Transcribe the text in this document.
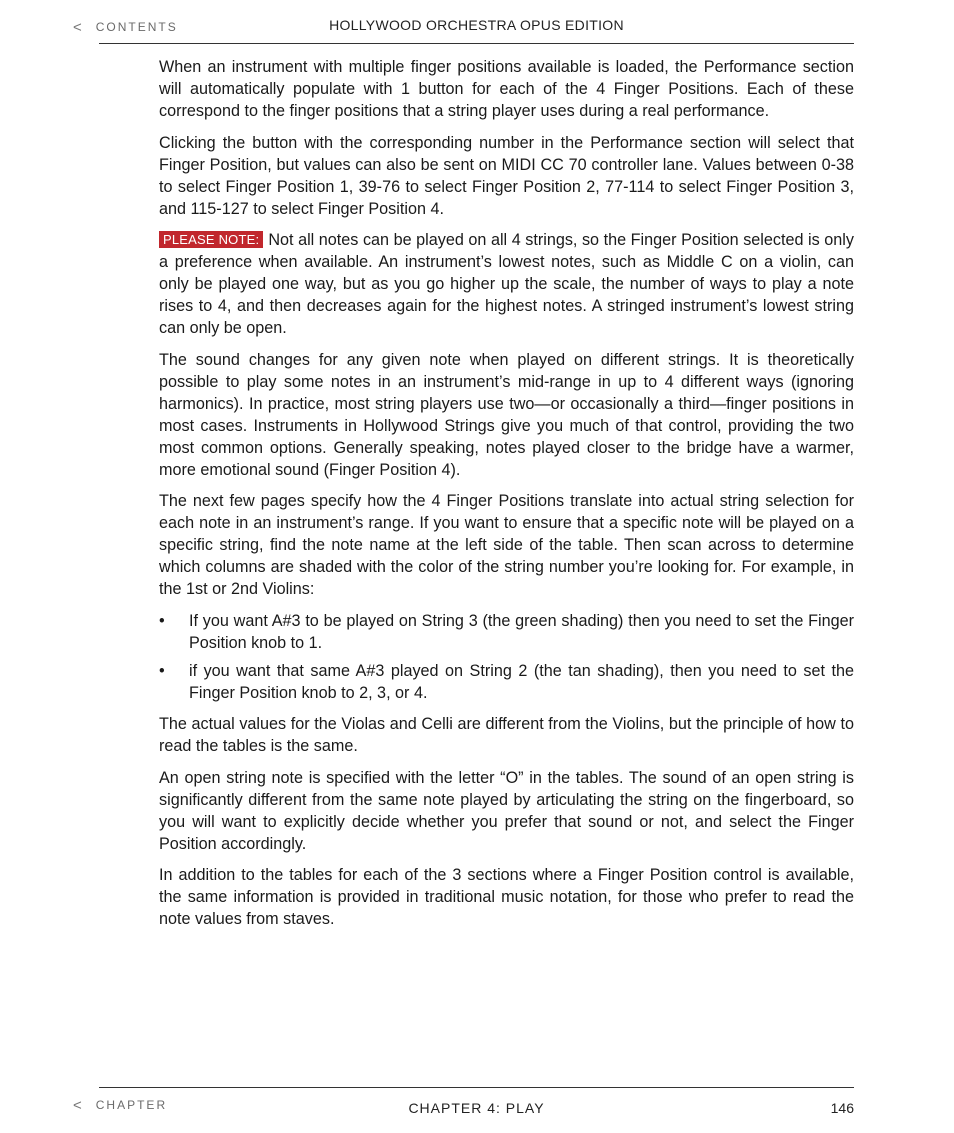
< CONTENTS	HOLLYWOOD ORCHESTRA OPUS EDITION

When an instrument with multiple finger positions available is loaded, the Performance section will automatically populate with 1 button for each of the 4 Finger Positions. Each of these correspond to the finger positions that a string player uses during a real performance.

Clicking the button with the corresponding number in the Performance section will select that Finger Position, but values can also be sent on MIDI CC 70 controller lane. Values between 0-38 to select Finger Position 1, 39-76 to select Finger Position 2, 77-114 to select Finger Position 3, and 115-127 to select Finger Position 4.

PLEASE NOTE: Not all notes can be played on all 4 strings, so the Finger Position selected is only a preference when available. An instrument’s lowest notes, such as Middle C on a violin, can only be played one way, but as you go higher up the scale, the number of ways to play a note rises to 4, and then decreases again for the highest notes. A stringed instrument’s lowest string can only be open.

The sound changes for any given note when played on different strings. It is theoretically possible to play some notes in an instrument’s mid-range in up to 4 different ways (ignoring harmonics). In practice, most string players use two—or occasionally a third—finger positions in most cases. Instruments in Hollywood Strings give you much of that control, providing the two most common options. Generally speaking, notes played closer to the bridge have a warmer, more emotional sound (Finger Position 4).

The next few pages specify how the 4 Finger Positions translate into actual string selection for each note in an instrument’s range. If you want to ensure that a specific note will be played on a specific string, find the note name at the left side of the table. Then scan across to determine which columns are shaded with the color of the string number you’re looking for. For example, in the 1st or 2nd Violins:

• If you want A#3 to be played on String 3 (the green shading) then you need to set the Finger Position knob to 1.
• if you want that same A#3 played on String 2 (the tan shading), then you need to set the Finger Position knob to 2, 3, or 4.

The actual values for the Violas and Celli are different from the Violins, but the principle of how to read the tables is the same.

An open string note is specified with the letter “O” in the tables. The sound of an open string is significantly different from the same note played by articulating the string on the fingerboard, so you will want to explicitly decide whether you prefer that sound or not, and select the Finger Position accordingly.

In addition to the tables for each of the 3 sections where a Finger Position control is available, the same information is provided in traditional music notation, for those who prefer to read the note values from staves.

< CHAPTER	CHAPTER 4: PLAY	146
